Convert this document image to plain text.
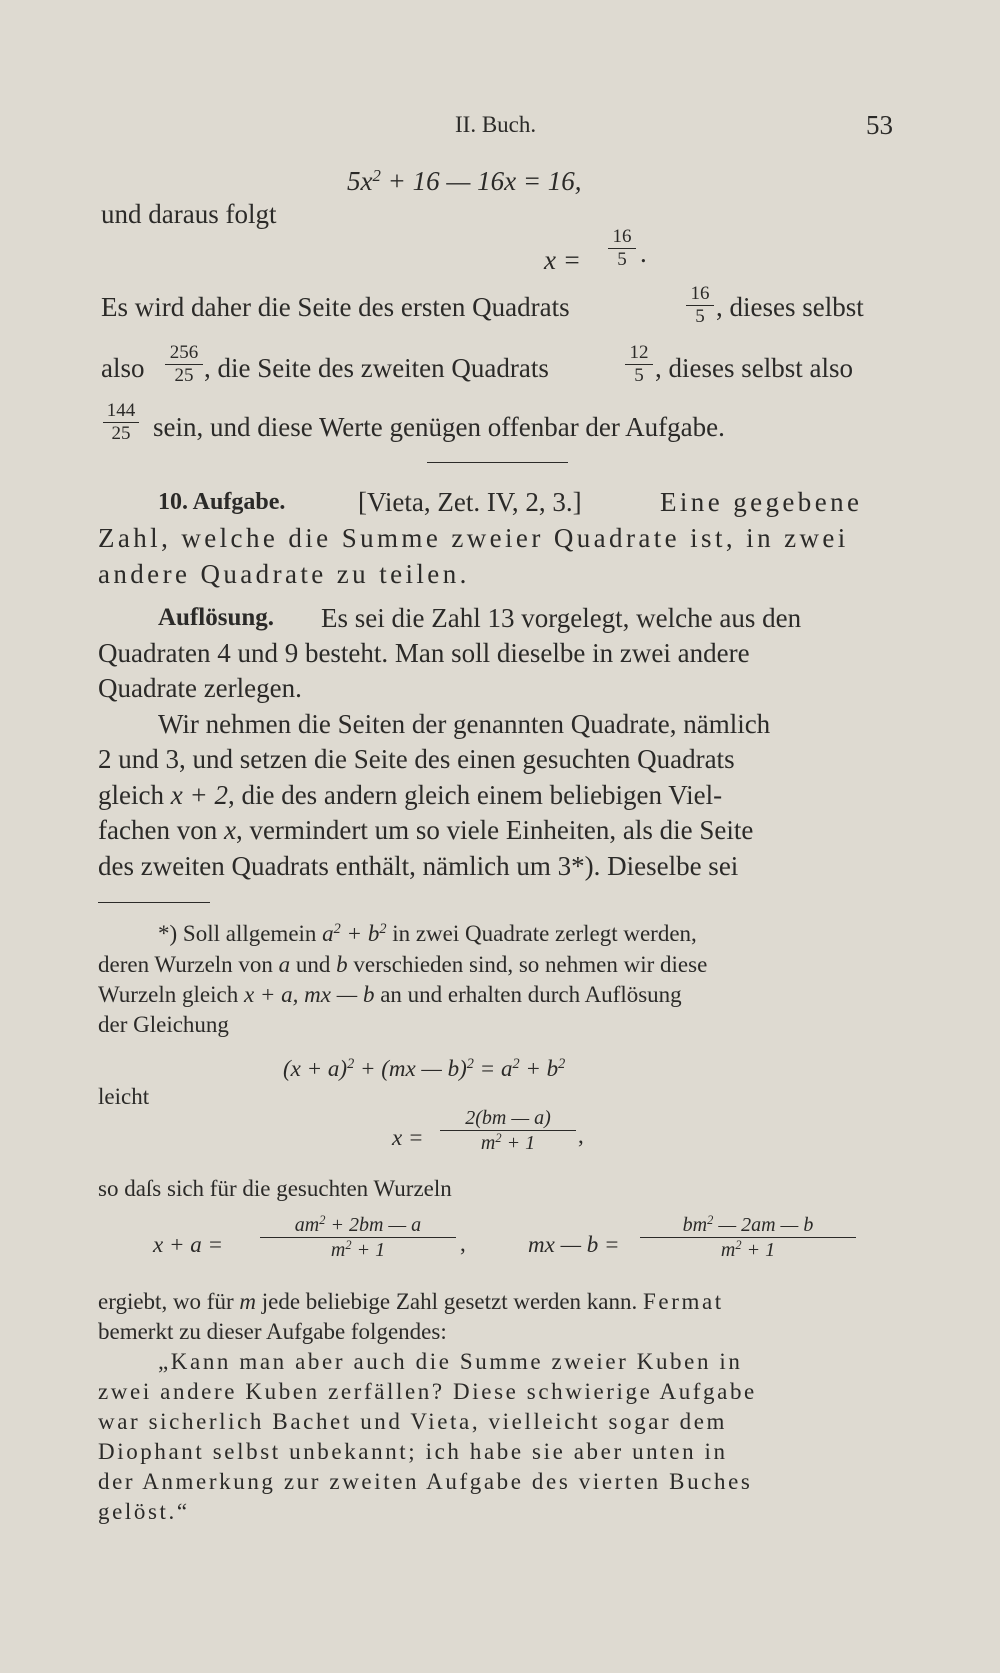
II. Buch.	53
$5x^2 + 16$ — 16x = 16,
und daraus folgt
x =
16
5 .
Es wird daher die Seite des ersten Quadrats	16
5 , dieses selbst
also
256
25 , die Seite des zweiten Quadrats
12
5 , dieses selbst also
144
25 sein, und diese Werte genügen offenbar der Aufgabe.
10. Aufgabe.	[Vieta, Zet. IV, 2, 3.]	Eine gegebene
Zahl, welche die Summe zweier Quadrate ist, in zwei
andere Quadrate zu teilen.
Auflösung. Es sei die Zahl 13 vorgelegt, welche aus den
Quadraten 4 und 9 besteht. Man soll dieselbe in zwei andere
Quadrate zerlegen.
Wir nehmen die Seiten der genannten Quadrate, nämlich
2 und 3, und setzen die Seite des einen gesuchten Quadrats
gleich x + 2, die des andern gleich einem beliebigen Viel-
fachen von x, vermindert um so viele Einheiten, als die Seite
des zweiten Quadrats enthält, nämlich um 3*). Dieselbe sei
*) Soll allgemein $a^2 + b^2$ in zwei Quadrate zerlegt werden,
deren Wurzeln von a und b verschieden sind, so nehmen wir diese
Wurzeln gleich x + a, mx — b an und erhalten durch Auflösung
der Gleichung
$(x + a)^2 + (mx$ — $b)^2 = a^2 + b^2$
leicht
x =
2(bm — a)
$m^2 + 1$	,
so daſs sich für die gesuchten Wurzeln
x + a =
$am^2 + 2bm$ — a
$m^2 + 1$	,	mx — b =
$bm^2$ — 2am — b
$m^2 + 1$
ergiebt, wo für m jede beliebige Zahl gesetzt werden kann. Fermat
bemerkt zu dieser Aufgabe folgendes:
„Kann man aber auch die Summe zweier Kuben in
zwei andere Kuben zerfällen? Diese schwierige Aufgabe
war sicherlich Bachet und Vieta, vielleicht sogar dem
Diophant selbst unbekannt; ich habe sie aber unten in
der Anmerkung zur zweiten Aufgabe des vierten Buches
gelöst.“
